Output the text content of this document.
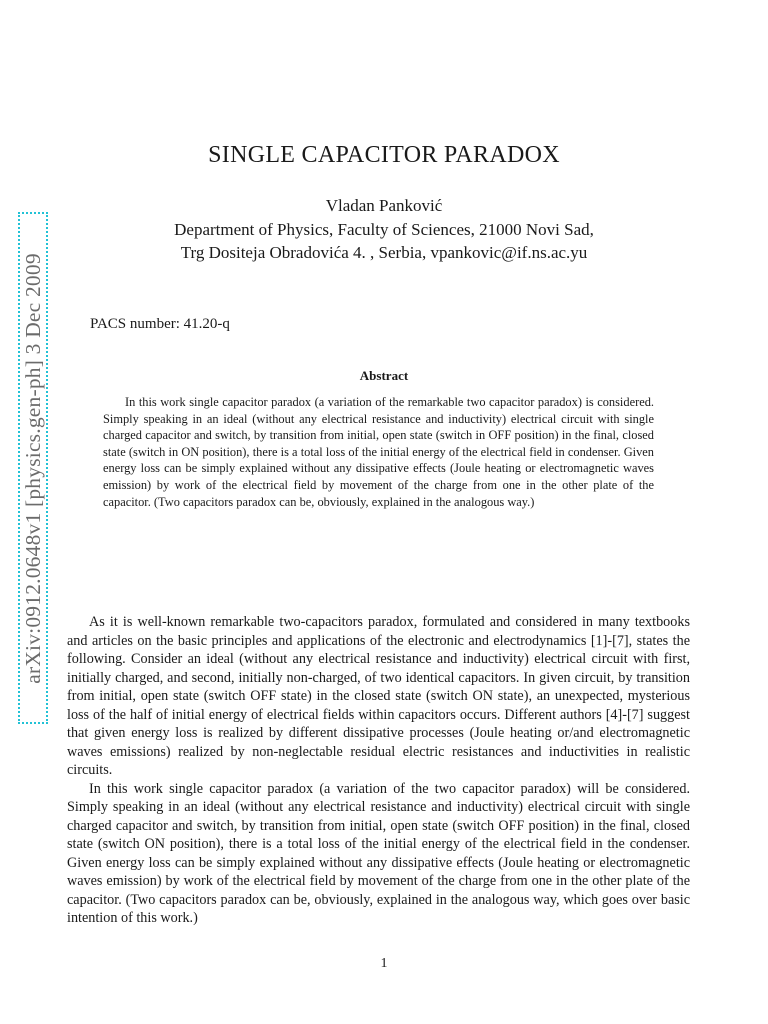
arXiv:0912.0648v1 [physics.gen-ph] 3 Dec 2009
SINGLE CAPACITOR PARADOX
Vladan Panković
Department of Physics, Faculty of Sciences, 21000 Novi Sad,
Trg Dositeja Obradovića 4. , Serbia, vpankovic@if.ns.ac.yu
PACS number: 41.20-q
Abstract
In this work single capacitor paradox (a variation of the remarkable two capacitor paradox) is considered. Simply speaking in an ideal (without any electrical resistance and inductivity) electrical circuit with single charged capacitor and switch, by transition from initial, open state (switch in OFF position) in the final, closed state (switch in ON position), there is a total loss of the initial energy of the electrical field in condenser. Given energy loss can be simply explained without any dissipative effects (Joule heating or electromagnetic waves emission) by work of the electrical field by movement of the charge from one in the other plate of the capacitor. (Two capacitors paradox can be, obviously, explained in the analogous way.)

As it is well-known remarkable two-capacitors paradox, formulated and considered in many textbooks and articles on the basic principles and applications of the electronic and electrodynamics [1]-[7], states the following. Consider an ideal (without any electrical resistance and inductivity) electrical circuit with first, initially charged, and second, initially non-charged, of two identical capacitors. In given circuit, by transition from initial, open state (switch OFF state) in the closed state (switch ON state), an unexpected, mysterious loss of the half of initial energy of electrical fields within capacitors occurs. Different authors [4]-[7] suggest that given energy loss is realized by different dissipative processes (Joule heating or/and electromagnetic waves emissions) realized by non-neglectable residual electric resistances and inductivities in realistic circuits.

In this work single capacitor paradox (a variation of the two capacitor paradox) will be considered. Simply speaking in an ideal (without any electrical resistance and inductivity) electrical circuit with single charged capacitor and switch, by transition from initial, open state (switch OFF position) in the final, closed state (switch ON position), there is a total loss of the initial energy of the electrical field in the condenser. Given energy loss can be simply explained without any dissipative effects (Joule heating or electromagnetic waves emission) by work of the electrical field by movement of the charge from one in the other plate of the capacitor. (Two capacitors paradox can be, obviously, explained in the analogous way, which goes over basic intention of this work.)

1
